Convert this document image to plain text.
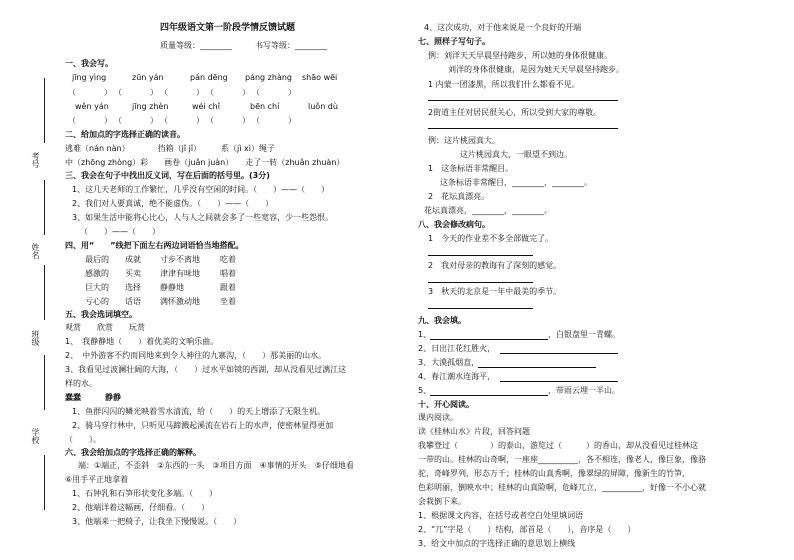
考号
姓名
班级
学校
四年级语文第一阶段学情反馈试题
质量等级：________	书写等级：________
一、我会写。
jīng yìng	zūn yán	pán dēng páng zhàng shāo wēi
（　　　）　（　　　）　（　　　）　（　　　）　（　　　）
wěn yán	jīng zhèn	wéi chǐ	bēn chí	luǒn dù
（　　　）　（　　　）　（　　　）　（　　　）　（　　　）
二、给加点的字选择正确的读音。
逃难（nán nàn）　　　　挡箱（jǐ jǐ）　　　系（jì xì）绳子
中（zhōng zhòng）彩　　画卷（juǎn juàn）　　走了一转（zhuǎn zhuàn）
三、我会在句子中找出反义词，写在后面的括号里。(3分)
1、这几天老师的工作繁忙，几乎没有空闲的时间。（　　）——（　　）
2、我们对人要真诚，绝不能虚伪。（　　）——（　　）
3、如果生活中能将心比心，人与人之间就会多了一些宽容，少一些怨恨。
（　　）——（　　）
四、用“　　”线把下面左右两边词语恰当地搭配。
最后的 成就 寸步不离地	吃着
感激的 买卖 津津有味地	唱着
巨大的 选择 静静地	跟着
亏心的 话语 满怀激动地	坐着
五、我会选词填空。
观赏　　欣赏　　玩赏
1、　我静静地（　　）着优美的文响乐曲。
2、　中外游客不约而同地来到令人神往的九寨沟，（　　）那美丽的山水。
3、我看见过波澜壮阔的大海，（　　）过水平如镜的西湖，却从没看见过漓江这
样的水。
蠢蠢　　　静静
1、鱼群闪闪的鳞光映着雪水清流，给（　　）的天上增添了无限生机。
2、骑马穿行林中，只听见马蹄溅起溪流在岩石上的水声，使密林显得更加
（　　）。
六、我会给加点的字选择正确的解释。
端：①端正，不歪斜　②东西的一头　③项目方面　④事情的开头　⑤仔细地看
⑥用手平正地拿着
1、石钟乳和石笋形状变化多端。（　　）
2、他端详着这幅画，仔细看。（　　）
3、他端来一把椅子，让我坐下慢慢说。（　　）
4、这次成功，对于他来说是一个良好的开端
七、照样子写句子。
例：刘洋天天早晨坚持跑步，所以她的身体很健康。
刘洋的身体很健康，是因为她天天早晨坚持跑步。
1 内蒙一团漆黑，所以我们什么都看不见。
2街道主任对居民很关心，所以受到大家的尊敬。
例：这片桃园真大。
这片桃园真大，一眼望不到边。
1　这条标语非常醒目。
这条标语非常醒目，________，________。
2　花坛真漂亮。
花坛真漂亮，________，________。
八、我会修改病句。
1　今天的作业差不多全部做完了。
2　我对母亲的教诲有了深刻的感觉。
3　秋天的北京是一年中最美的季节。
九、我会填。
1、	，白银盘里一青螺。
2、日出江花红胜火，
3、大漠孤烟直，
4、春江潮水连海平，
5、	，带雨云埋一半山。
十、开心阅读。
课内阅读。
读《桂林山水》片段，回答问题
我攀登过（　　　　）的泰山，游览过（　　　）的香山，却从没看见过桂林这
一带的山。桂林的山奇啊，一座座__________，各不相连，像老人，像巨象，像骆
驼，奇峰罗列，形态万千；桂林的山真秀啊，像翠绿的屏障，像新生的竹笋，
色彩明丽，倒映水中；桂林的山真险啊，危峰兀立，__________，好像一不小心就
会栽倒下来。
1、根据课文内容，在括号或者空白处里填词语
2、“兀”字是（　　）结构，部首是（　　），音序是（　　）
3、给文中加点的字选择正确的意思划上横线
